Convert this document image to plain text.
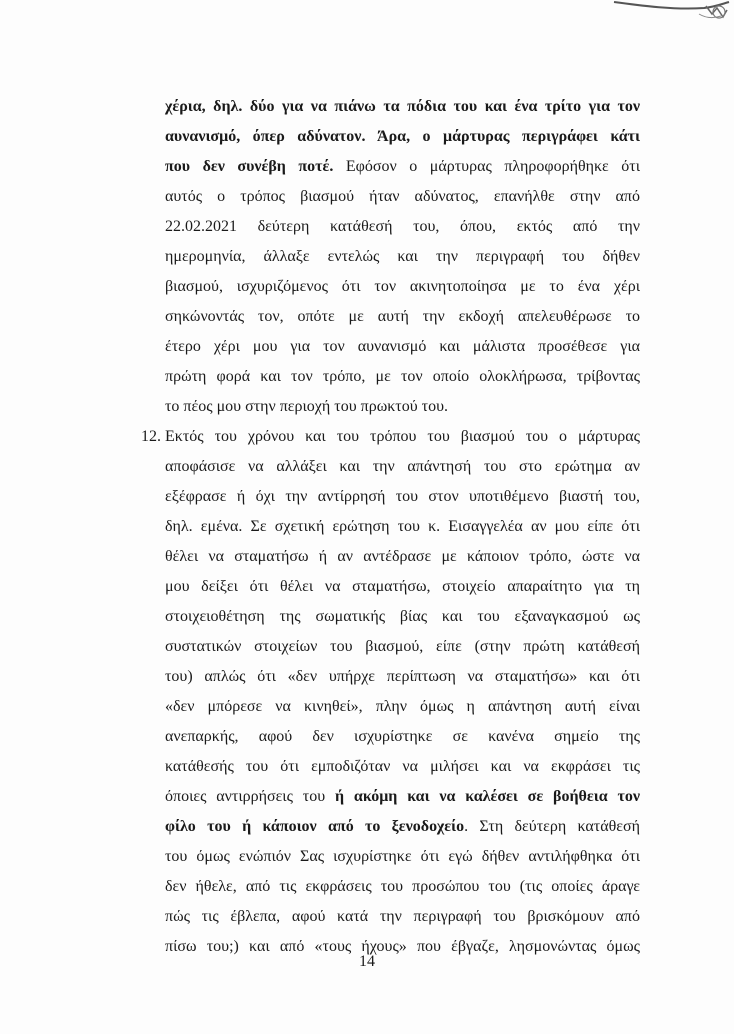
χέρια, δηλ. δύο για να πιάνω τα πόδια του και ένα τρίτο για τον
αυνανισμό, όπερ αδύνατον. Άρα, ο μάρτυρας περιγράφει κάτι
που δεν συνέβη ποτέ. Εφόσον ο μάρτυρας πληροφορήθηκε ότι
αυτός ο τρόπος βιασμού ήταν αδύνατος, επανήλθε στην από
22.02.2021 δεύτερη κατάθεσή του, όπου, εκτός από την
ημερομηνία, άλλαξε εντελώς και την περιγραφή του δήθεν
βιασμού, ισχυριζόμενος ότι τον ακινητοποίησα με το ένα χέρι
σηκώνοντάς τον, οπότε με αυτή την εκδοχή απελευθέρωσε το
έτερο χέρι μου για τον αυνανισμό και μάλιστα προσέθεσε για
πρώτη φορά και τον τρόπο, με τον οποίο ολοκλήρωσα, τρίβοντας
το πέος μου στην περιοχή του πρωκτού του.
12. Εκτός του χρόνου και του τρόπου του βιασμού του ο μάρτυρας
αποφάσισε να αλλάξει και την απάντησή του στο ερώτημα αν
εξέφρασε ή όχι την αντίρρησή του στον υποτιθέμενο βιαστή του,
δηλ. εμένα. Σε σχετική ερώτηση του κ. Εισαγγελέα αν μου είπε ότι
θέλει να σταματήσω ή αν αντέδρασε με κάποιον τρόπο, ώστε να
μου δείξει ότι θέλει να σταματήσω, στοιχείο απαραίτητο για τη
στοιχειοθέτηση της σωματικής βίας και του εξαναγκασμού ως
συστατικών στοιχείων του βιασμού, είπε (στην πρώτη κατάθεσή
του) απλώς ότι «δεν υπήρχε περίπτωση να σταματήσω» και ότι
«δεν μπόρεσε να κινηθεί», πλην όμως η απάντηση αυτή είναι
ανεπαρκής, αφού δεν ισχυρίστηκε σε κανένα σημείο της
κατάθεσής του ότι εμποδιζόταν να μιλήσει και να εκφράσει τις
όποιες αντιρρήσεις του ή ακόμη και να καλέσει σε βοήθεια τον
φίλο του ή κάποιον από το ξενοδοχείο. Στη δεύτερη κατάθεσή
του όμως ενώπιόν Σας ισχυρίστηκε ότι εγώ δήθεν αντιλήφθηκα ότι
δεν ήθελε, από τις εκφράσεις του προσώπου του (τις οποίες άραγε
πώς τις έβλεπα, αφού κατά την περιγραφή του βρισκόμουν από
πίσω του;) και από «τους ήχους» που έβγαζε, λησμονώντας όμως
14
